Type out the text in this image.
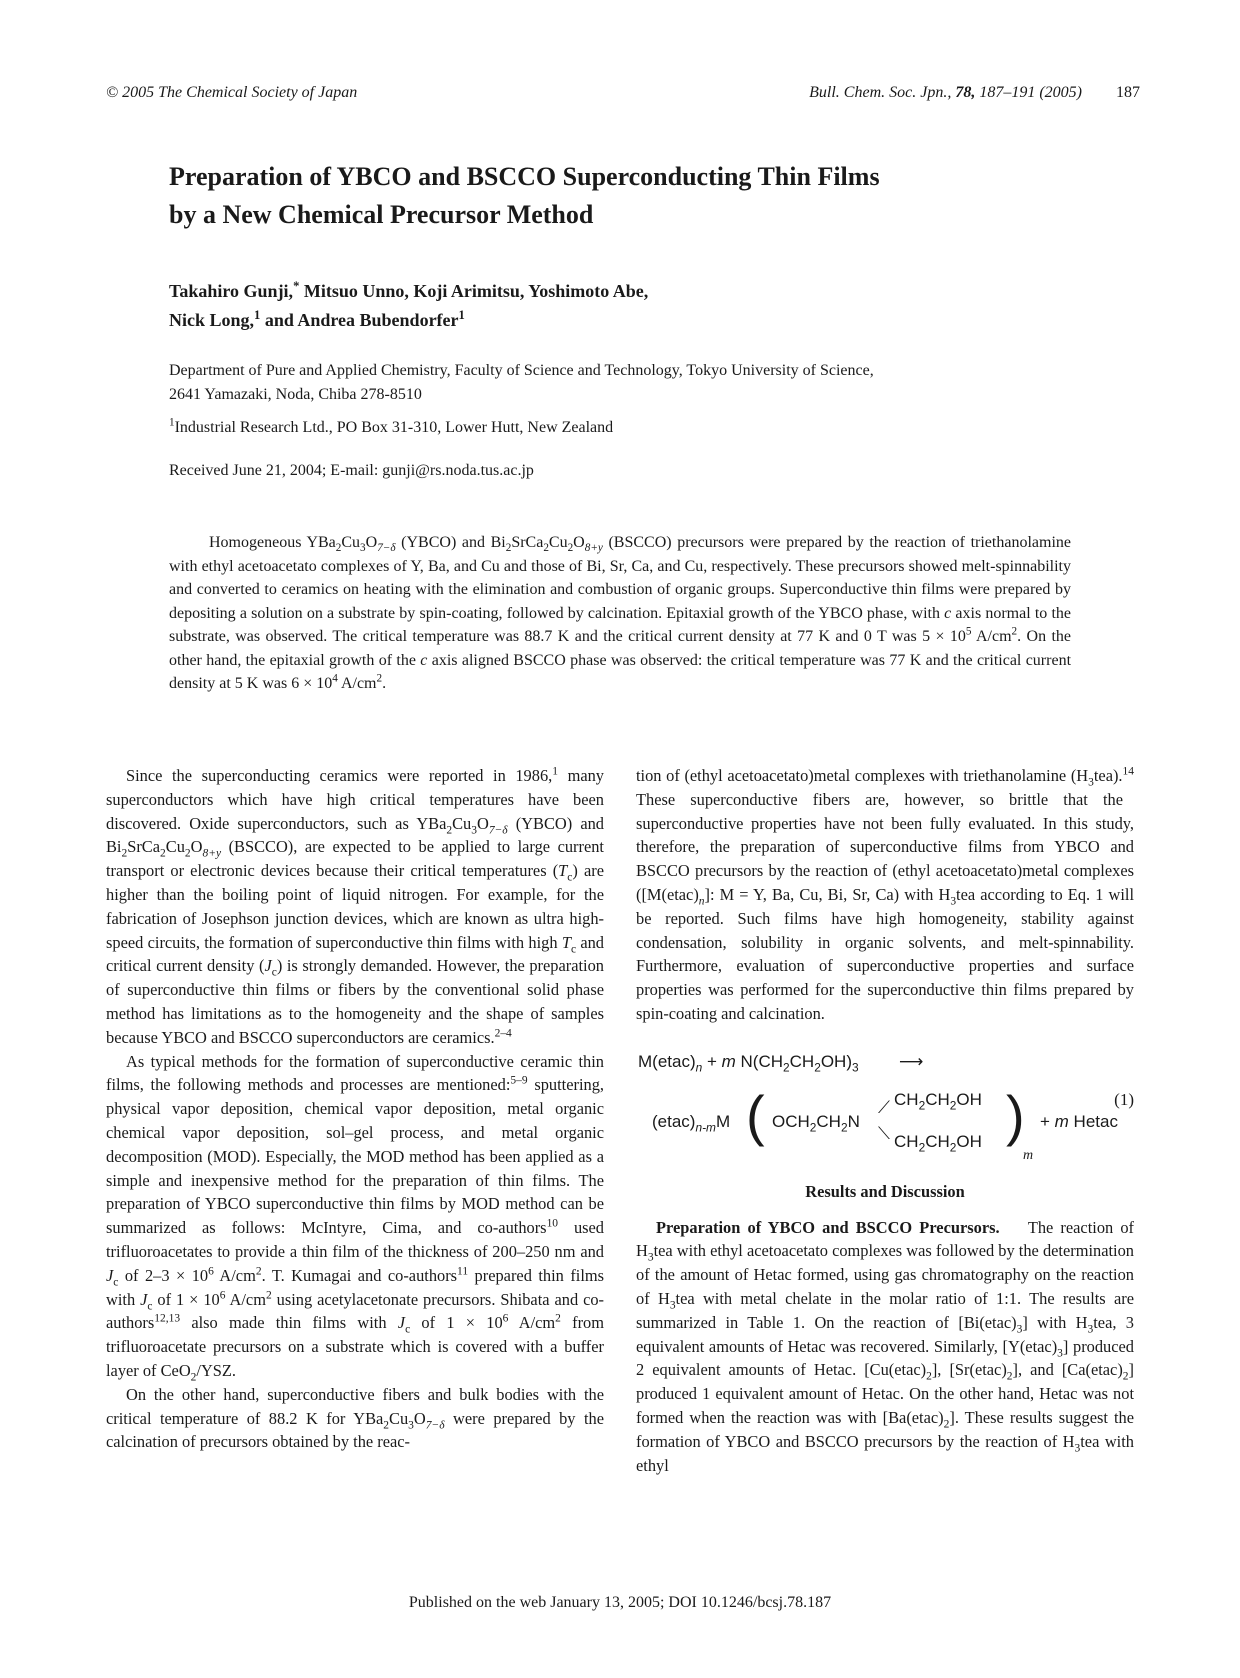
© 2005 The Chemical Society of Japan	Bull. Chem. Soc. Jpn., 78, 187–191 (2005) 187
Preparation of YBCO and BSCCO Superconducting Thin Films
by a New Chemical Precursor Method
Takahiro Gunji,* Mitsuo Unno, Koji Arimitsu, Yoshimoto Abe,
Nick Long,$^1$ and Andrea Bubendorfer$^1$
Department of Pure and Applied Chemistry, Faculty of Science and Technology, Tokyo University of Science,
2641 Yamazaki, Noda, Chiba 278-8510
$^1$Industrial Research Ltd., PO Box 31-310, Lower Hutt, New Zealand
Received June 21, 2004; E-mail: gunji@rs.noda.tus.ac.jp

Homogeneous $YBa_2Cu_3O_{7-\delta}$ (YBCO) and $Bi_2SrCa_2Cu_2O_{8+y}$ (BSCCO) precursors were prepared by the reaction of triethanolamine with ethyl acetoacetato complexes of Y, Ba, and Cu and those of Bi, Sr, Ca, and Cu, respectively. These precursors showed melt-spinnability and converted to ceramics on heating with the elimination and combustion of organic groups. Superconductive thin films were prepared by depositing a solution on a substrate by spin-coating, followed by calcination. Epitaxial growth of the YBCO phase, with c axis normal to the substrate, was observed. The critical temperature was 88.7 K and the critical current density at 77 K and 0 T was $5 \times 10^5$ $A/cm^2$. On the other hand, the epitaxial growth of the c axis aligned BSCCO phase was observed: the critical temperature was 77 K and the critical current density at 5 K was $6 \times 10^4$ $A/cm^2$.

Since the superconducting ceramics were reported in 1986,$^1$ many superconductors which have high critical temperatures have been discovered. Oxide superconductors, such as $YBa_2Cu_3O_{7-\delta}$ (YBCO) and $Bi_2SrCa_2Cu_2O_{8+y}$ (BSCCO), are expected to be applied to large current transport or electronic devices because their critical temperatures $(T_c)$ are higher than the boiling point of liquid nitrogen. For example, for the fabrication of Josephson junction devices, which are known as ultra high-speed circuits, the formation of superconductive thin films with high $T_c$ and critical current density $(J_c)$ is strongly demanded. However, the preparation of superconductive thin films or fibers by the conventional solid phase method has limitations as to the homogeneity and the shape of samples because YBCO and BSCCO superconductors are ceramics.$^{2-4}$

As typical methods for the formation of superconductive ceramic thin films, the following methods and processes are mentioned:$^{5-9}$ sputtering, physical vapor deposition, chemical vapor deposition, metal organic chemical vapor deposition, sol–gel process, and metal organic decomposition (MOD). Especially, the MOD method has been applied as a simple and inexpensive method for the preparation of thin films. The preparation of YBCO superconductive thin films by MOD method can be summarized as follows: McIntyre, Cima, and co-authors$^{10}$ used trifluoroacetates to provide a thin film of the thickness of 200–250 nm and $J_c$ of $2-3 \times 10^6$ $A/cm^2$. T. Kumagai and co-authors$^{11}$ prepared thin films with $J_c$ of $1 \times 10^6$ $A/cm^2$ using acetylacetonate precursors. Shibata and co-authors$^{12,13}$ also made thin films with $J_c$ of $1 \times 10^6$ $A/cm^2$ from trifluoroacetate precursors on a substrate which is covered with a buffer layer of CeO$_2$/YSZ.

On the other hand, superconductive fibers and bulk bodies with the critical temperature of 88.2 K for $YBa_2Cu_3O_{7-\delta}$ were prepared by the calcination of precursors obtained by the reac-

tion of (ethyl acetoacetato)metal complexes with triethanolamine $(H_3tea).^{14}$ These superconductive fibers are, however, so brittle that the superconductive properties have not been fully evaluated. In this study, therefore, the preparation of superconductive films from YBCO and BSCCO precursors by the reaction of (ethyl acetoacetato)metal complexes ($[M(etac)_n]$: M = Y, Ba, Cu, Bi, Sr, Ca) with $H_3tea$ according to Eq. 1 will be reported. Such films have high homogeneity, stability against condensation, solubility in organic solvents, and melt-spinnability. Furthermore, evaluation of superconductive properties and surface properties was performed for the superconductive thin films prepared by spin-coating and calcination.

$M(etac)_n + m$ $N(CH_2CH_2OH)_3$ ⟶
$(etac)_{n-m}M$ ( $OCH_2CH_2N$
⟋
⟍
$CH_2CH_2OH$
$CH_2CH_2OH$ )
m
+ m Hetac
(1)
Results and Discussion

Preparation of YBCO and BSCCO Precursors. The reaction of $H_3tea$ with ethyl acetoacetato complexes was followed by the determination of the amount of Hetac formed, using gas chromatography on the reaction of $H_3tea$ with metal chelate in the molar ratio of 1:1. The results are summarized in Table 1. On the reaction of $[Bi(etac)_3]$ with $H_3tea$, 3 equivalent amounts of Hetac was recovered. Similarly, $[Y(etac)_3]$ produced 2 equivalent amounts of Hetac. $[Cu(etac)_2]$, $[Sr(etac)_2]$, and $[Ca(etac)_2]$ produced 1 equivalent amount of Hetac. On the other hand, Hetac was not formed when the reaction was with $[Ba(etac)_2]$. These results suggest the formation of YBCO and BSCCO precursors by the reaction of $H_3tea$ with ethyl

Published on the web January 13, 2005; DOI 10.1246/bcsj.78.187
